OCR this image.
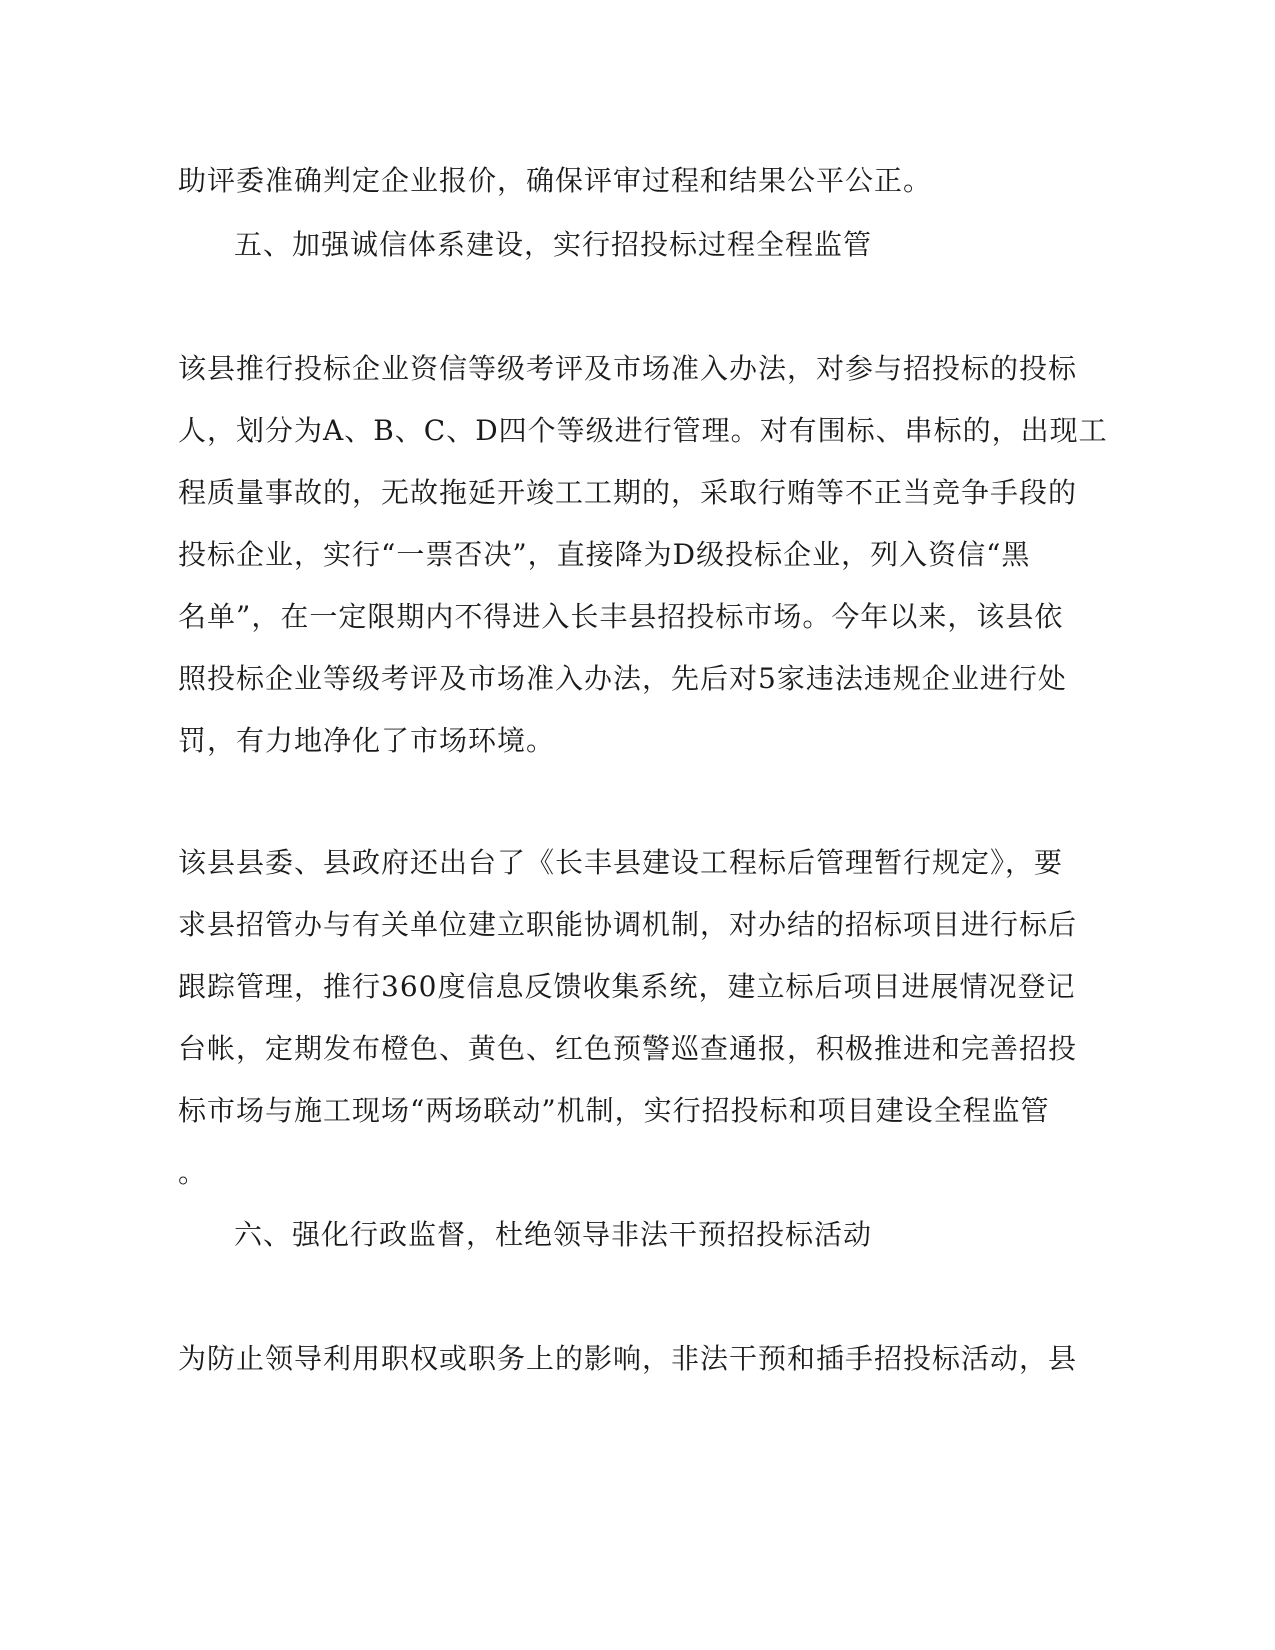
助评委准确判定企业报价，确保评审过程和结果公平公正。
五、加强诚信体系建设，实行招投标过程全程监管
该县推行投标企业资信等级考评及市场准入办法，对参与招投标的投标
人，划分为A、B、C、D四个等级进行管理。对有围标、串标的，出现工
程质量事故的，无故拖延开竣工工期的，采取行贿等不正当竞争手段的
投标企业，实行“一票否决”，直接降为D级投标企业，列入资信“黑
名单”，在一定限期内不得进入长丰县招投标市场。今年以来，该县依
照投标企业等级考评及市场准入办法，先后对5家违法违规企业进行处
罚，有力地净化了市场环境。
该县县委、县政府还出台了《长丰县建设工程标后管理暂行规定》，要
求县招管办与有关单位建立职能协调机制，对办结的招标项目进行标后
跟踪管理，推行360度信息反馈收集系统，建立标后项目进展情况登记
台帐，定期发布橙色、黄色、红色预警巡查通报，积极推进和完善招投
标市场与施工现场“两场联动”机制，实行招投标和项目建设全程监管
。
六、强化行政监督，杜绝领导非法干预招投标活动
为防止领导利用职权或职务上的影响，非法干预和插手招投标活动，县
